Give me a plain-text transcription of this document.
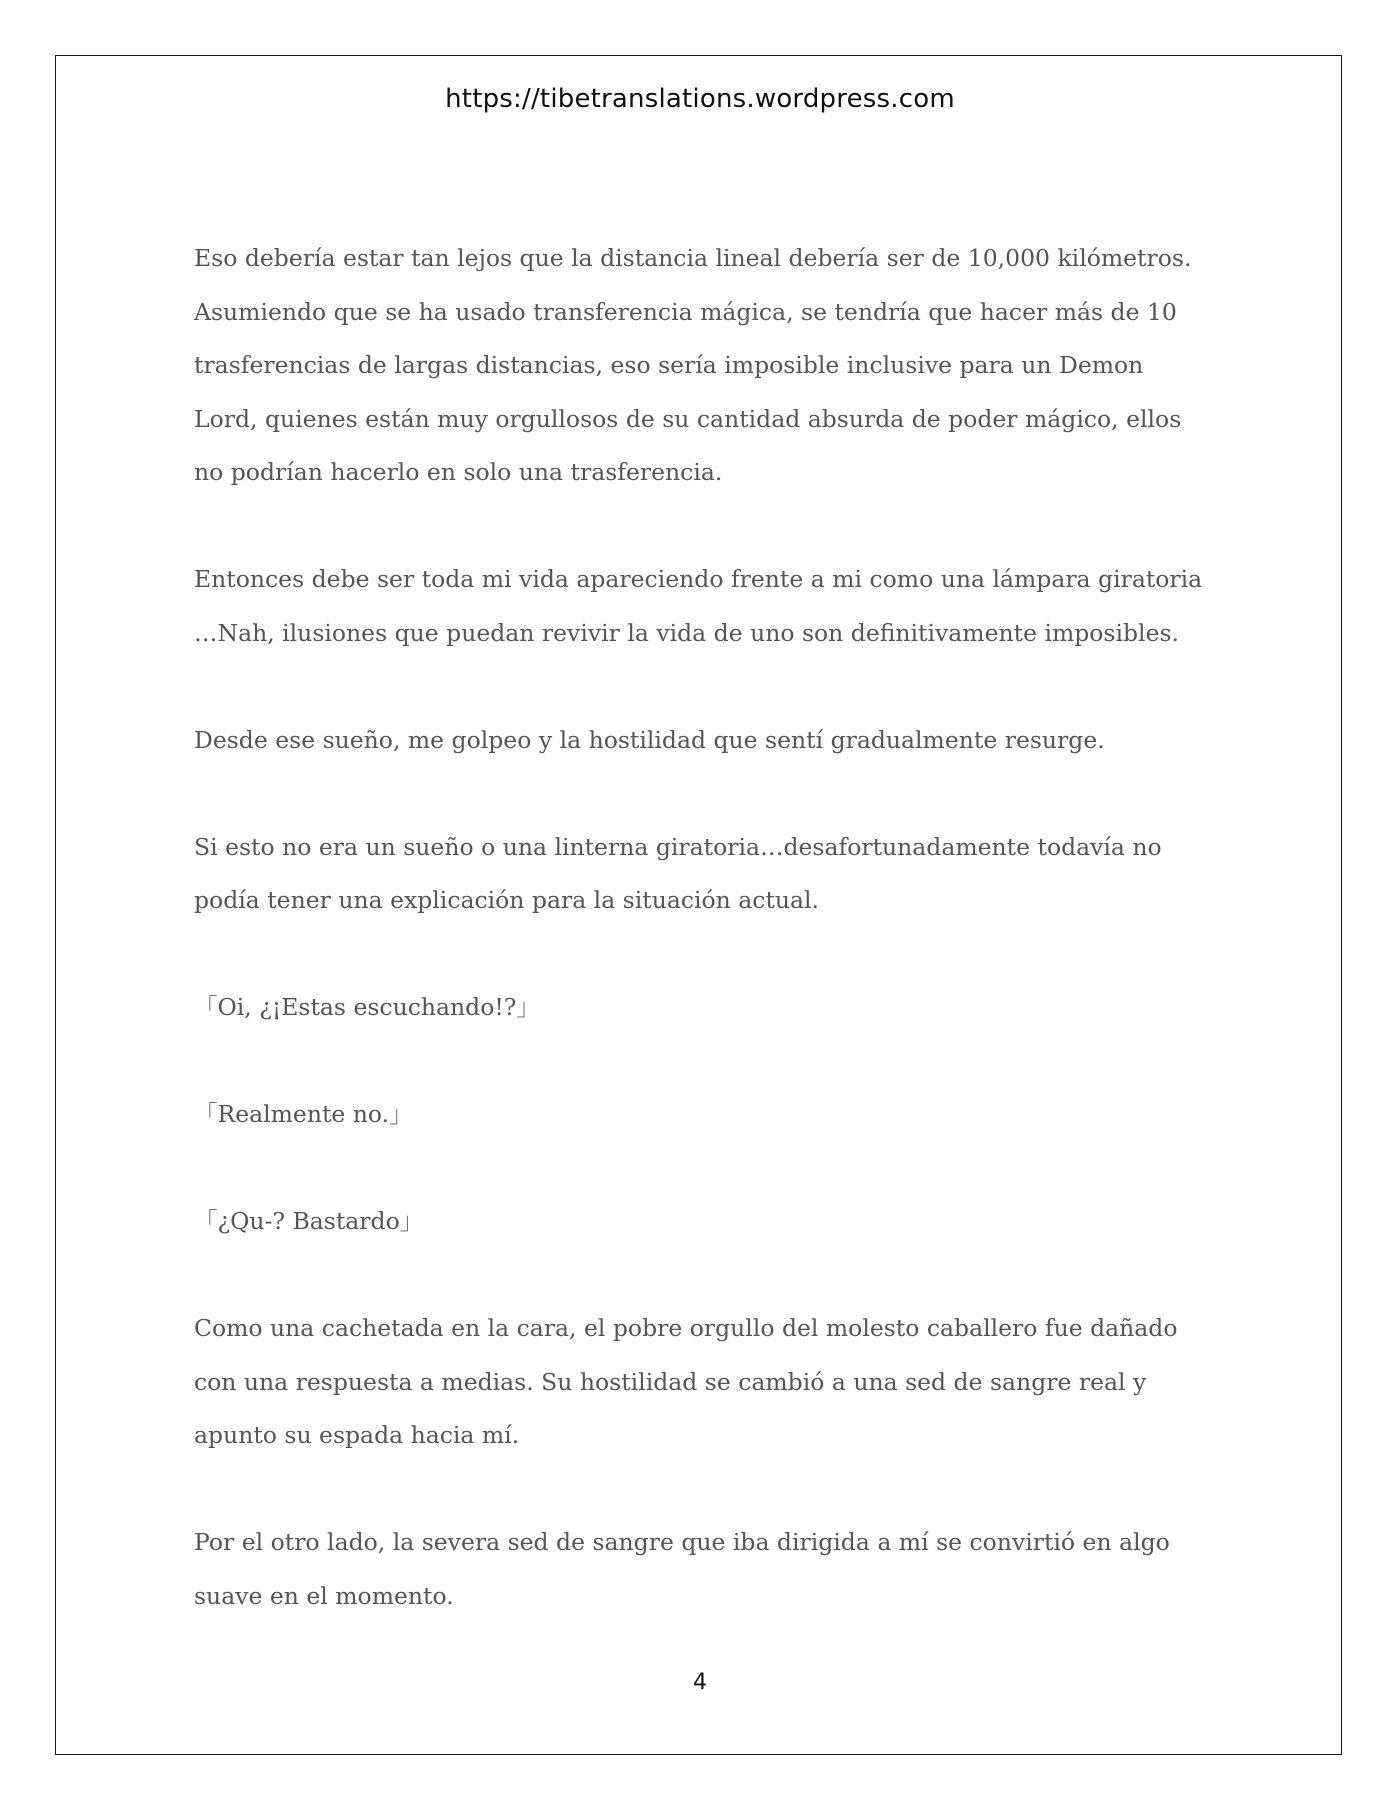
https://tibetranslations.wordpress.com

Eso debería estar tan lejos que la distancia lineal debería ser de 10,000 kilómetros. Asumiendo que se ha usado transferencia mágica, se tendría que hacer más de 10 trasferencias de largas distancias, eso sería imposible inclusive para un Demon Lord, quienes están muy orgullosos de su cantidad absurda de poder mágico, ellos no podrían hacerlo en solo una trasferencia.

Entonces debe ser toda mi vida apareciendo frente a mi como una lámpara giratoria …Nah, ilusiones que puedan revivir la vida de uno son definitivamente imposibles.

Desde ese sueño, me golpeo y la hostilidad que sentí gradualmente resurge.

Si esto no era un sueño o una linterna giratoria…desafortunadamente todavía no podía tener una explicación para la situación actual.

「Oi, ¿¡Estas escuchando!?」

「Realmente no.」

「¿Qu-? Bastardo」

Como una cachetada en la cara, el pobre orgullo del molesto caballero fue dañado con una respuesta a medias. Su hostilidad se cambió a una sed de sangre real y apunto su espada hacia mí.

Por el otro lado, la severa sed de sangre que iba dirigida a mí se convirtió en algo suave en el momento.

4
